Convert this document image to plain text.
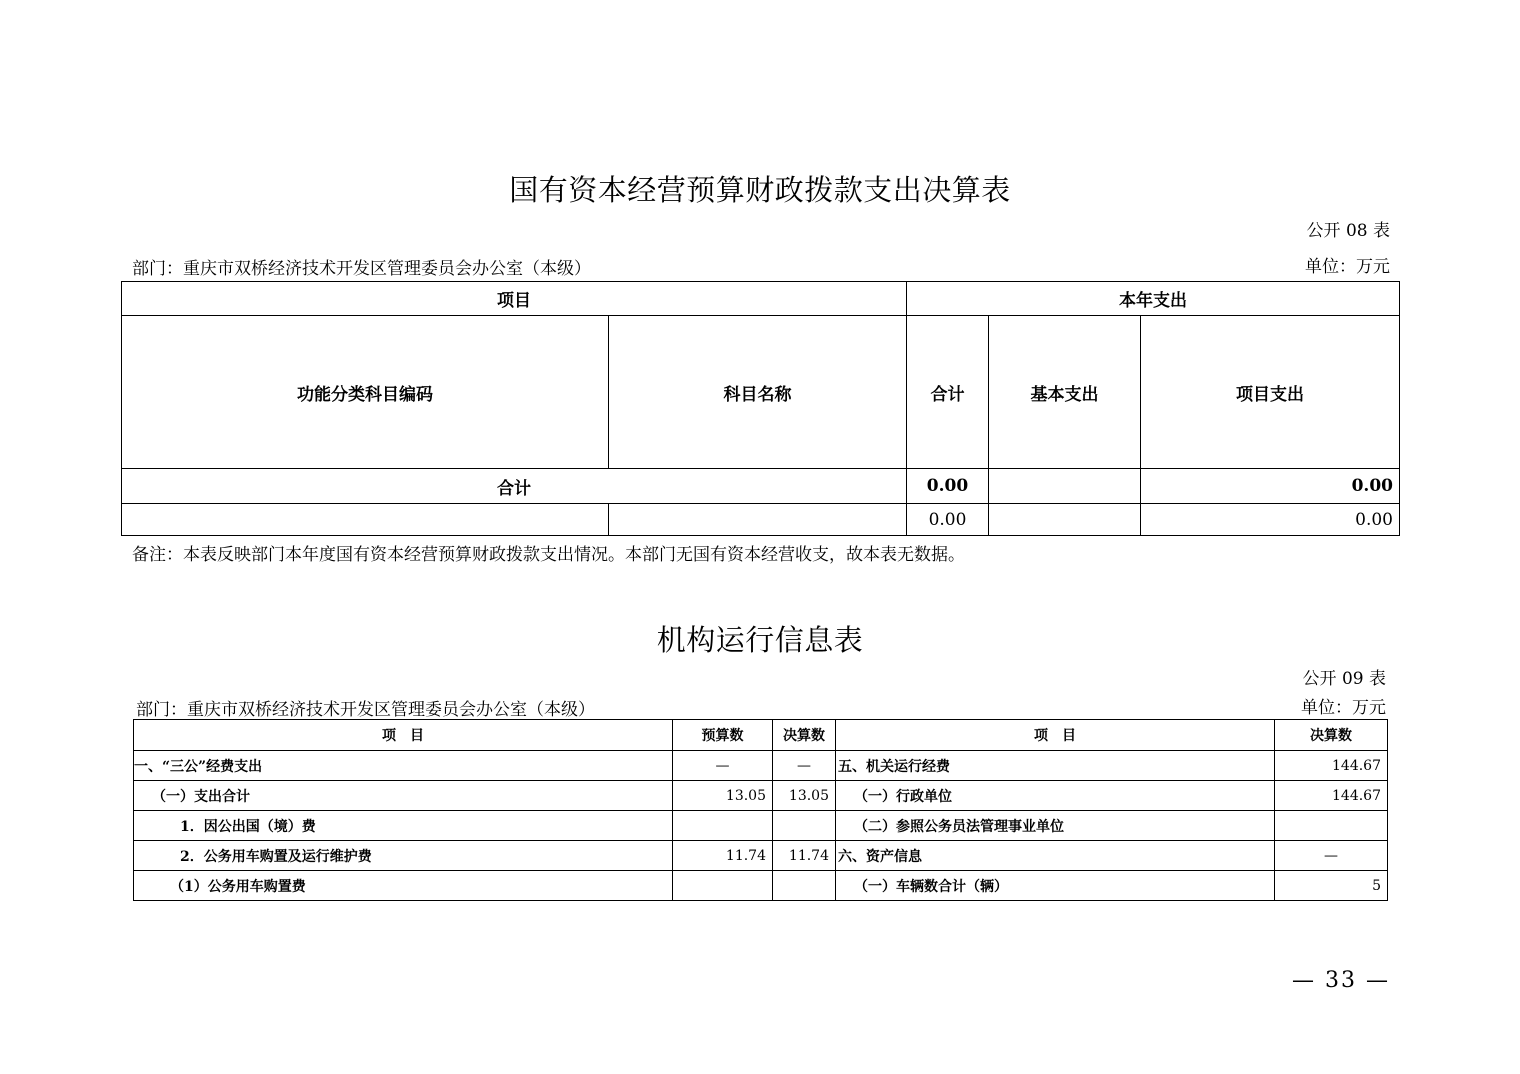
国有资本经营预算财政拨款支出决算表
公开 08 表
部门：重庆市双桥经济技术开发区管理委员会办公室（本级）	单位：万元
项目		本年支出		
功能分类科目编码	科目名称	合计	基本支出	项目支出
合计		0.00		0.00
		0.00		0.00
备注：本表反映部门本年度国有资本经营预算财政拨款支出情况。本部门无国有资本经营收支，故本表无数据。
机构运行信息表
公开 09 表
部门：重庆市双桥经济技术开发区管理委员会办公室（本级）	单位：万元
项　目	预算数	决算数	项　目	决算数
一、“三公”经费支出	—	—	五、机关运行经费	144.67
（一）支出合计	13.05	13.05	（一）行政单位	144.67
1．因公出国（境）费			（二）参照公务员法管理事业单位	
2．公务用车购置及运行维护费	11.74	11.74	六、资产信息	—
（1）公务用车购置费			（一）车辆数合计（辆）	5
— 33 —
